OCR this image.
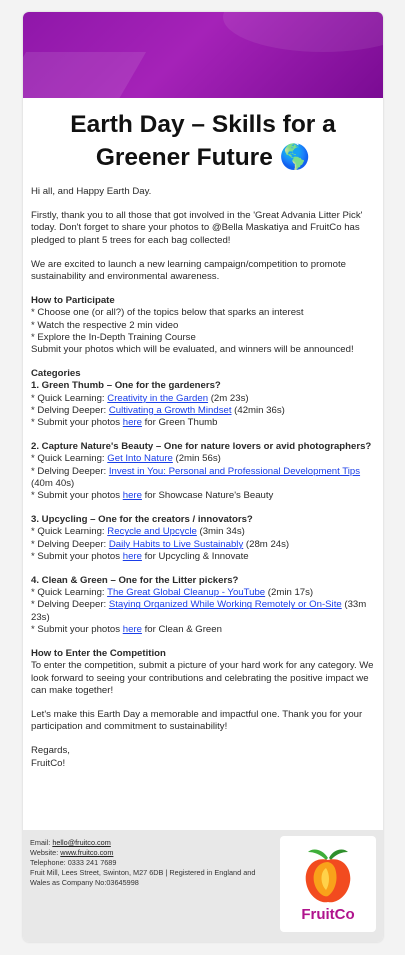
Earth Day – Skills for a
Greener Future 🌎

Hi all, and Happy Earth Day.

Firstly, thank you to all those that got involved in the 'Great Advania Litter Pick' today. Don't forget to share your photos to @Bella Maskatiya and FruitCo has pledged to plant 5 trees for each bag collected!

We are excited to launch a new learning campaign/competition to promote sustainability and environmental awareness.

How to Participate
* Choose one (or all?) of the topics below that sparks an interest
* Watch the respective 2 min video
* Explore the In-Depth Training Course
Submit your photos which will be evaluated, and winners will be announced!

Categories
1. Green Thumb – One for the gardeners?
* Quick Learning: Creativity in the Garden (2m 23s)
* Delving Deeper: Cultivating a Growth Mindset (42min 36s)
* Submit your photos here for Green Thumb

2. Capture Nature's Beauty – One for nature lovers or avid photographers?
* Quick Learning: Get Into Nature (2min 56s)
* Delving Deeper: Invest in You: Personal and Professional Development Tips (40m 40s)
* Submit your photos here for Showcase Nature's Beauty

3. Upcycling – One for the creators / innovators?
* Quick Learning: Recycle and Upcycle (3min 34s)
* Delving Deeper: Daily Habits to Live Sustainably (28m 24s)
* Submit your photos here for Upcycling & Innovate

4. Clean & Green – One for the Litter pickers?
* Quick Learning: The Great Global Cleanup - YouTube (2min 17s)
* Delving Deeper: Staying Organized While Working Remotely or On-Site (33m 23s)
* Submit your photos here for Clean & Green

How to Enter the Competition
To enter the competition, submit a picture of your hard work for any category. We look forward to seeing your contributions and celebrating the positive impact we can make together!

Let's make this Earth Day a memorable and impactful one. Thank you for your participation and commitment to sustainability!

Regards,
FruitCo!

Email: hello@fruitco.com
Website: www.fruitco.com
Telephone: 0333 241 7689
Fruit Mill, Lees Street, Swinton, M27 6DB | Registered in England and Wales as Company No:03645998
FruitCo
